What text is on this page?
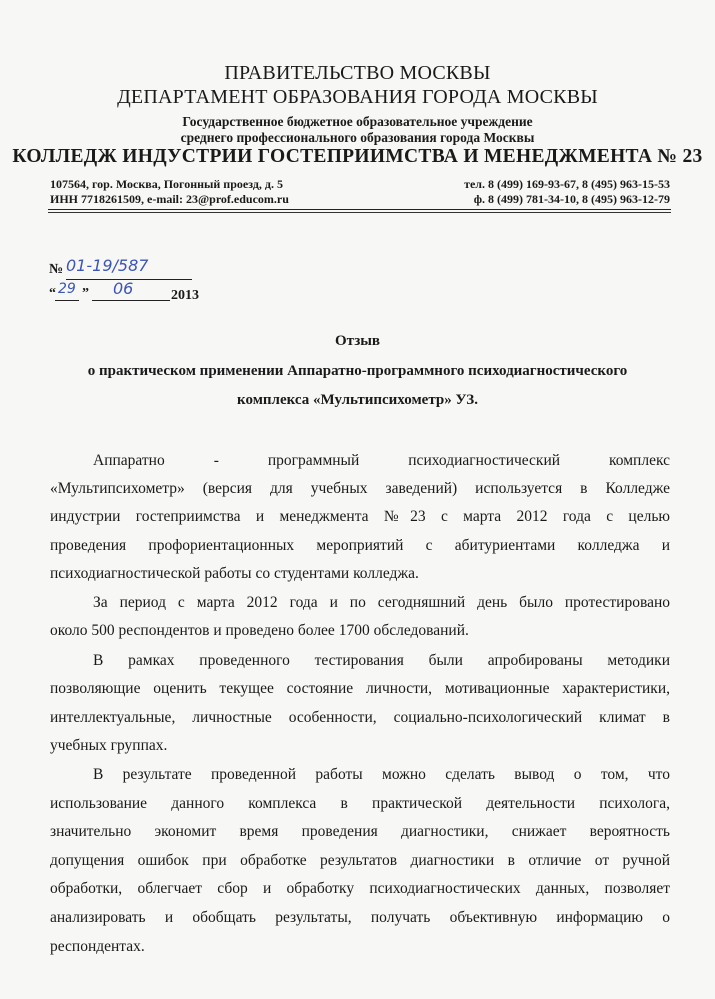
ПРАВИТЕЛЬСТВО МОСКВЫ
ДЕПАРТАМЕНТ ОБРАЗОВАНИЯ ГОРОДА МОСКВЫ
Государственное бюджетное образовательное учреждение
среднего профессионального образования города Москвы
КОЛЛЕДЖ ИНДУСТРИИ ГОСТЕПРИИМСТВА И МЕНЕДЖМЕНТА № 23
107564, гор. Москва, Погонный проезд, д. 5
ИНН 7718261509, e-mail: 23@prof.educom.ru
тел. 8 (499) 169-93-67, 8 (495) 963-15-53
ф. 8 (499) 781-34-10, 8 (495) 963-12-79
№ 01-19/587
“ 29 ” 06	2013
Отзыв
о практическом применении Аппаратно-программного психодиагностического
комплекса «Мультипсихометр» УЗ.
Аппаратно - программный психодиагностический комплекс
«Мультипсихометр» (версия для учебных заведений) используется в Колледже
индустрии гостеприимства и менеджмента №23 с марта 2012 года с целью
проведения профориентационных мероприятий с абитуриентами колледжа и
психодиагностической работы со студентами колледжа.
За период с марта 2012 года и по сегодняшний день было протестировано
около 500 респондентов и проведено более 1700 обследований.
В рамках проведенного тестирования были апробированы методики
позволяющие оценить текущее состояние личности, мотивационные характеристики,
интеллектуальные, личностные особенности, социально-психологический климат в
учебных группах.
В результате проведенной работы можно сделать вывод о том, что
использование данного комплекса в практической деятельности психолога,
значительно экономит время проведения диагностики, снижает вероятность
допущения ошибок при обработке результатов диагностики в отличие от ручной
обработки, облегчает сбор и обработку психодиагностических данных, позволяет
анализировать и обобщать результаты, получать объективную информацию о
респондентах.
